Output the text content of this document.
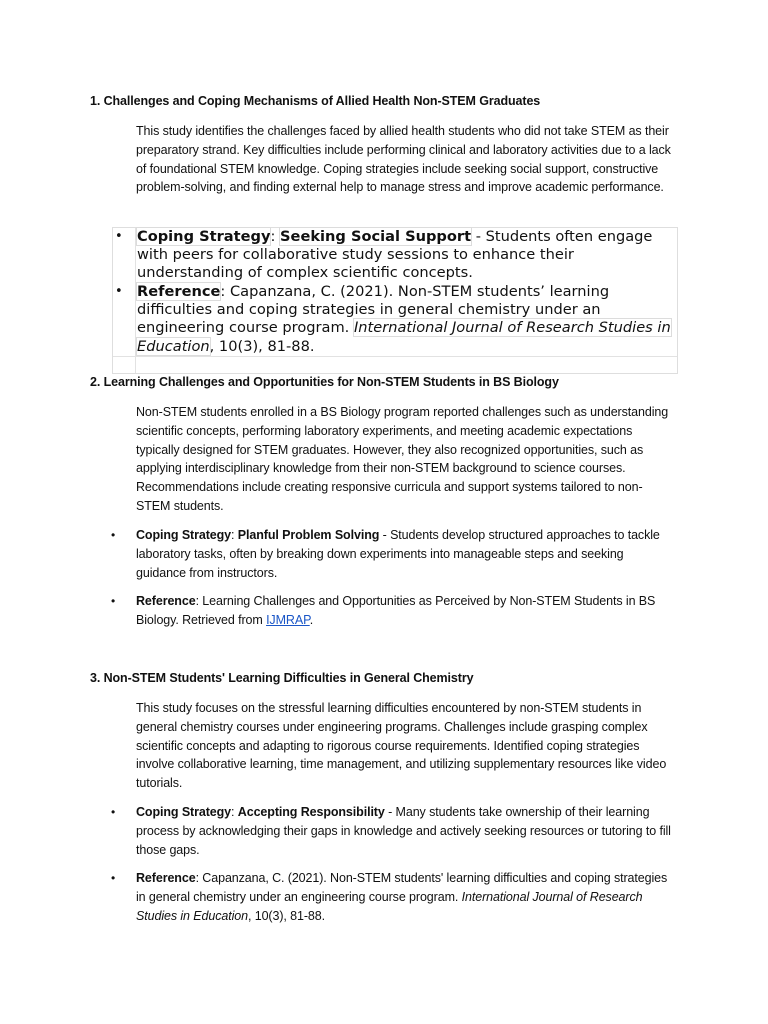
1. Challenges and Coping Mechanisms of Allied Health Non-STEM Graduates
This study identifies the challenges faced by allied health students who did not take STEM as their preparatory strand. Key difficulties include performing clinical and laboratory activities due to a lack of foundational STEM knowledge. Coping strategies include seeking social support, constructive problem-solving, and finding external help to manage stress and improve academic performance.
• Coping Strategy: Seeking Social Support - Students often engage with peers for collaborative study sessions to enhance their understanding of complex scientific concepts.
• Reference: Capanzana, C. (2021). Non-STEM students’ learning difficulties and coping strategies in general chemistry under an engineering course program. International Journal of Research Studies in Education, 10(3), 81-88.
2. Learning Challenges and Opportunities for Non-STEM Students in BS Biology
Non-STEM students enrolled in a BS Biology program reported challenges such as understanding scientific concepts, performing laboratory experiments, and meeting academic expectations typically designed for STEM graduates. However, they also recognized opportunities, such as applying interdisciplinary knowledge from their non-STEM background to science courses. Recommendations include creating responsive curricula and support systems tailored to non-STEM students.
• Coping Strategy: Planful Problem Solving - Students develop structured approaches to tackle laboratory tasks, often by breaking down experiments into manageable steps and seeking guidance from instructors.
• Reference: Learning Challenges and Opportunities as Perceived by Non-STEM Students in BS Biology. Retrieved from IJMRAP.
3. Non-STEM Students' Learning Difficulties in General Chemistry
This study focuses on the stressful learning difficulties encountered by non-STEM students in general chemistry courses under engineering programs. Challenges include grasping complex scientific concepts and adapting to rigorous course requirements. Identified coping strategies involve collaborative learning, time management, and utilizing supplementary resources like video tutorials.
• Coping Strategy: Accepting Responsibility - Many students take ownership of their learning process by acknowledging their gaps in knowledge and actively seeking resources or tutoring to fill those gaps.
• Reference: Capanzana, C. (2021). Non-STEM students' learning difficulties and coping strategies in general chemistry under an engineering course program. International Journal of Research Studies in Education, 10(3), 81-88.
